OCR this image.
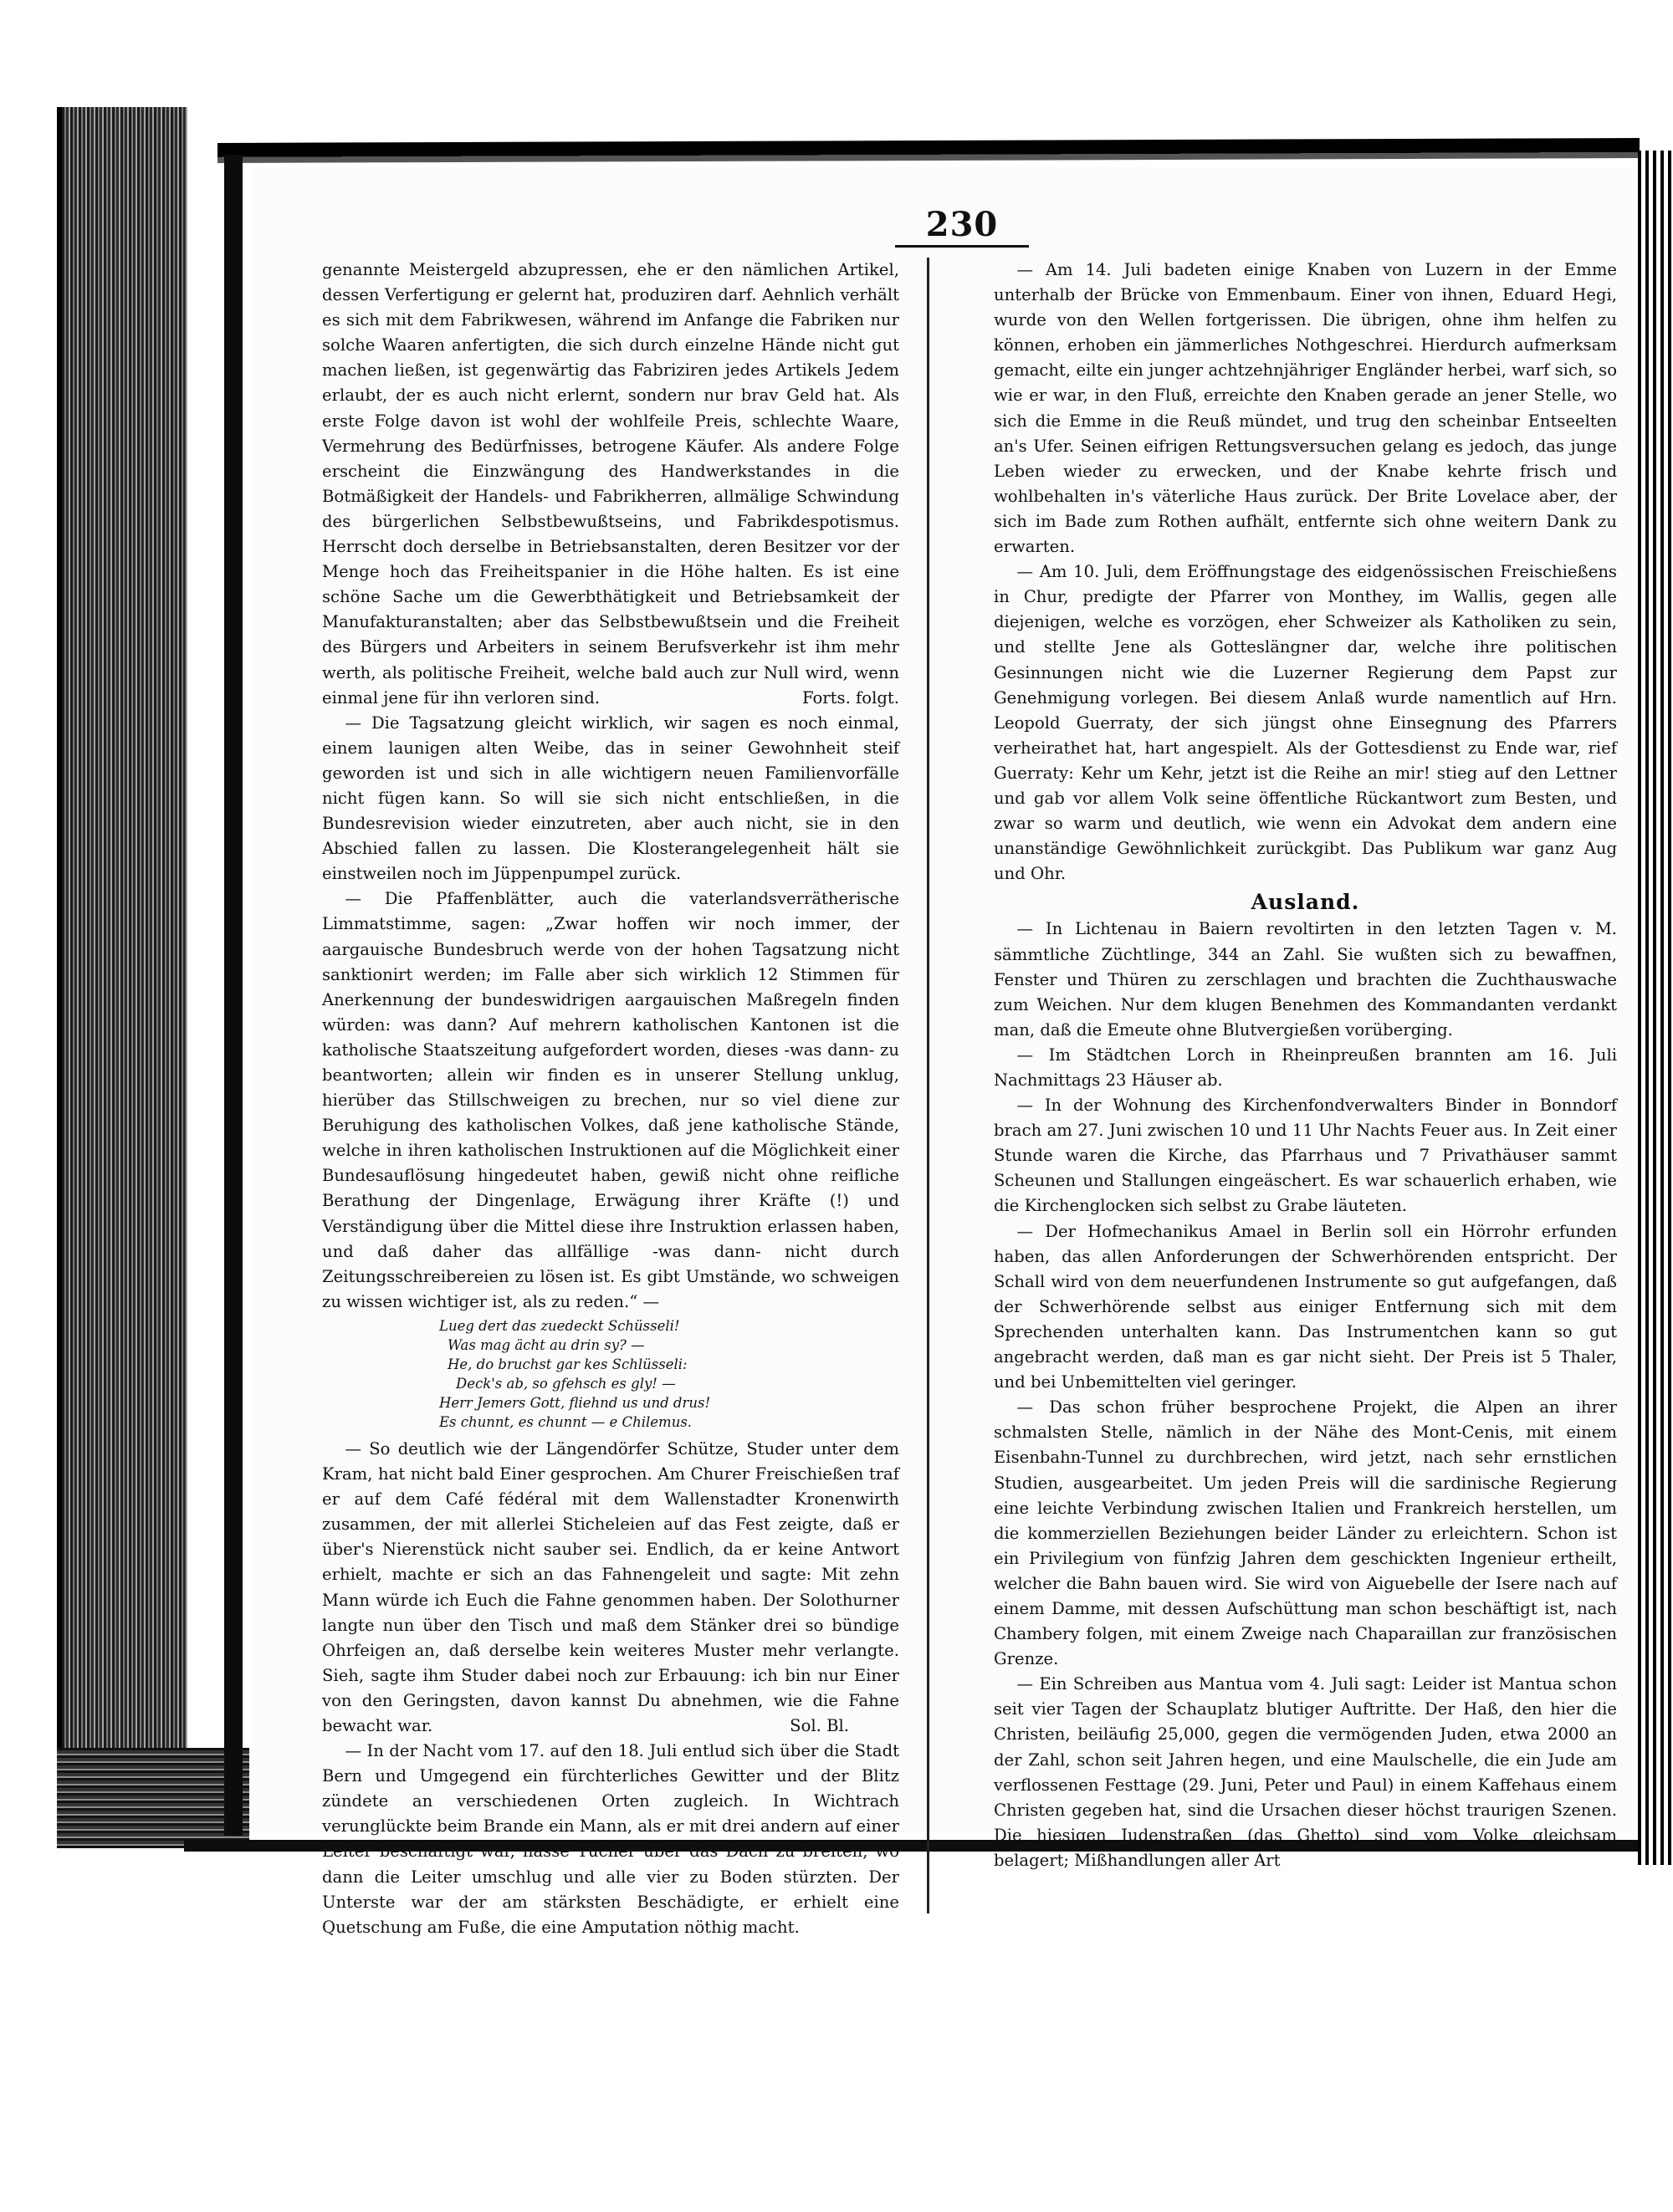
230

genannte Meistergeld abzupressen, ehe er den nämlichen Artikel, dessen Verfertigung er gelernt hat, produziren darf. Aehnlich verhält es sich mit dem Fabrikwesen, während im Anfange die Fabriken nur solche Waaren anfertigten, die sich durch einzelne Hände nicht gut machen ließen, ist gegenwärtig das Fabriziren jedes Artikels Jedem erlaubt, der es auch nicht erlernt, sondern nur brav Geld hat. Als erste Folge davon ist wohl der wohlfeile Preis, schlechte Waare, Vermehrung des Bedürfnisses, betrogene Käufer. Als andere Folge erscheint die Einzwängung des Handwerkstandes in die Botmäßigkeit der Handels- und Fabrikherren, allmälige Schwindung des bürgerlichen Selbstbewußtseins, und Fabrikdespotismus. Herrscht doch derselbe in Betriebsanstalten, deren Besitzer vor der Menge hoch das Freiheitspanier in die Höhe halten. Es ist eine schöne Sache um die Gewerbthätigkeit und Betriebsamkeit der Manufakturanstalten; aber das Selbstbewußtsein und die Freiheit des Bürgers und Arbeiters in seinem Berufsverkehr ist ihm mehr werth, als politische Freiheit, welche bald auch zur Null wird, wenn einmal jene für ihn verloren sind.	Forts. folgt.

— Die Tagsatzung gleicht wirklich, wir sagen es noch einmal, einem launigen alten Weibe, das in seiner Gewohnheit steif geworden ist und sich in alle wichtigern neuen Familienvorfälle nicht fügen kann. So will sie sich nicht entschließen, in die Bundesrevision wieder einzutreten, aber auch nicht, sie in den Abschied fallen zu lassen. Die Klosterangelegenheit hält sie einstweilen noch im Jüppenpumpel zurück.

— Die Pfaffenblätter, auch die vaterlandsverrätherische Limmatstimme, sagen: „Zwar hoffen wir noch immer, der aargauische Bundesbruch werde von der hohen Tagsatzung nicht sanktionirt werden; im Falle aber sich wirklich 12 Stimmen für Anerkennung der bundeswidrigen aargauischen Maßregeln finden würden: was dann? Auf mehrern katholischen Kantonen ist die katholische Staatszeitung aufgefordert worden, dieses -was dann- zu beantworten; allein wir finden es in unserer Stellung unklug, hierüber das Stillschweigen zu brechen, nur so viel diene zur Beruhigung des katholischen Volkes, daß jene katholische Stände, welche in ihren katholischen Instruktionen auf die Möglichkeit einer Bundesauflösung hingedeutet haben, gewiß nicht ohne reifliche Berathung der Dingenlage, Erwägung ihrer Kräfte (!) und Verständigung über die Mittel diese ihre Instruktion erlassen haben, und daß daher das allfällige -was dann- nicht durch Zeitungsschreibereien zu lösen ist. Es gibt Umstände, wo schweigen zu wissen wichtiger ist, als zu reden.“ —

Lueg dert das zuedeckt Schüsseli!
Was mag ächt au drin sy? —
He, do bruchst gar kes Schlüsseli:
Deck's ab, so gfehsch es gly! —
Herr Jemers Gott, fliehnd us und drus!
Es chunnt, es chunnt — e Chilemus.

— So deutlich wie der Längendörfer Schütze, Studer unter dem Kram, hat nicht bald Einer gesprochen. Am Churer Freischießen traf er auf dem Café fédéral mit dem Wallenstadter Kronenwirth zusammen, der mit allerlei Sticheleien auf das Fest zeigte, daß er über's Nierenstück nicht sauber sei. Endlich, da er keine Antwort erhielt, machte er sich an das Fahnengeleit und sagte: Mit zehn Mann würde ich Euch die Fahne genommen haben. Der Solothurner langte nun über den Tisch und maß dem Stänker drei so bündige Ohrfeigen an, daß derselbe kein weiteres Muster mehr verlangte. Sieh, sagte ihm Studer dabei noch zur Erbauung: ich bin nur Einer von den Geringsten, davon kannst Du abnehmen, wie die Fahne bewacht war.	Sol. Bl.

— In der Nacht vom 17. auf den 18. Juli entlud sich über die Stadt Bern und Umgegend ein fürchterliches Gewitter und der Blitz zündete an verschiedenen Orten zugleich. In Wichtrach verunglückte beim Brande ein Mann, als er mit drei andern auf einer Leiter beschäftigt war, nasse Tücher über das Dach zu breiten, wo dann die Leiter umschlug und alle vier zu Boden stürzten. Der Unterste war der am stärksten Beschädigte, er erhielt eine Quetschung am Fuße, die eine Amputation nöthig macht.

— Am 14. Juli badeten einige Knaben von Luzern in der Emme unterhalb der Brücke von Emmenbaum. Einer von ihnen, Eduard Hegi, wurde von den Wellen fortgerissen. Die übrigen, ohne ihm helfen zu können, erhoben ein jämmerliches Nothgeschrei. Hierdurch aufmerksam gemacht, eilte ein junger achtzehnjähriger Engländer herbei, warf sich, so wie er war, in den Fluß, erreichte den Knaben gerade an jener Stelle, wo sich die Emme in die Reuß mündet, und trug den scheinbar Entseelten an's Ufer. Seinen eifrigen Rettungsversuchen gelang es jedoch, das junge Leben wieder zu erwecken, und der Knabe kehrte frisch und wohlbehalten in's väterliche Haus zurück. Der Brite Lovelace aber, der sich im Bade zum Rothen aufhält, entfernte sich ohne weitern Dank zu erwarten.

— Am 10. Juli, dem Eröffnungstage des eidgenössischen Freischießens in Chur, predigte der Pfarrer von Monthey, im Wallis, gegen alle diejenigen, welche es vorzögen, eher Schweizer als Katholiken zu sein, und stellte Jene als Gotteslängner dar, welche ihre politischen Gesinnungen nicht wie die Luzerner Regierung dem Papst zur Genehmigung vorlegen. Bei diesem Anlaß wurde namentlich auf Hrn. Leopold Guerraty, der sich jüngst ohne Einsegnung des Pfarrers verheirathet hat, hart angespielt. Als der Gottesdienst zu Ende war, rief Guerraty: Kehr um Kehr, jetzt ist die Reihe an mir! stieg auf den Lettner und gab vor allem Volk seine öffentliche Rückantwort zum Besten, und zwar so warm und deutlich, wie wenn ein Advokat dem andern eine unanständige Gewöhnlichkeit zurückgibt. Das Publikum war ganz Aug und Ohr.

Ausland.

— In Lichtenau in Baiern revoltirten in den letzten Tagen v. M. sämmtliche Züchtlinge, 344 an Zahl. Sie wußten sich zu bewaffnen, Fenster und Thüren zu zerschlagen und brachten die Zuchthauswache zum Weichen. Nur dem klugen Benehmen des Kommandanten verdankt man, daß die Emeute ohne Blutvergießen vorüberging.

— Im Städtchen Lorch in Rheinpreußen brannten am 16. Juli Nachmittags 23 Häuser ab.

— In der Wohnung des Kirchenfondverwalters Binder in Bonndorf brach am 27. Juni zwischen 10 und 11 Uhr Nachts Feuer aus. In Zeit einer Stunde waren die Kirche, das Pfarrhaus und 7 Privathäuser sammt Scheunen und Stallungen eingeäschert. Es war schauerlich erhaben, wie die Kirchenglocken sich selbst zu Grabe läuteten.

— Der Hofmechanikus Amael in Berlin soll ein Hörrohr erfunden haben, das allen Anforderungen der Schwerhörenden entspricht. Der Schall wird von dem neuerfundenen Instrumente so gut aufgefangen, daß der Schwerhörende selbst aus einiger Entfernung sich mit dem Sprechenden unterhalten kann. Das Instrumentchen kann so gut angebracht werden, daß man es gar nicht sieht. Der Preis ist 5 Thaler, und bei Unbemittelten viel geringer.

— Das schon früher besprochene Projekt, die Alpen an ihrer schmalsten Stelle, nämlich in der Nähe des Mont-Cenis, mit einem Eisenbahn-Tunnel zu durchbrechen, wird jetzt, nach sehr ernstlichen Studien, ausgearbeitet. Um jeden Preis will die sardinische Regierung eine leichte Verbindung zwischen Italien und Frankreich herstellen, um die kommerziellen Beziehungen beider Länder zu erleichtern. Schon ist ein Privilegium von fünfzig Jahren dem geschickten Ingenieur ertheilt, welcher die Bahn bauen wird. Sie wird von Aiguebelle der Isere nach auf einem Damme, mit dessen Aufschüttung man schon beschäftigt ist, nach Chambery folgen, mit einem Zweige nach Chaparaillan zur französischen Grenze.

— Ein Schreiben aus Mantua vom 4. Juli sagt: Leider ist Mantua schon seit vier Tagen der Schauplatz blutiger Auftritte. Der Haß, den hier die Christen, beiläufig 25,000, gegen die vermögenden Juden, etwa 2000 an der Zahl, schon seit Jahren hegen, und eine Maulschelle, die ein Jude am verflossenen Festtage (29. Juni, Peter und Paul) in einem Kaffehaus einem Christen gegeben hat, sind die Ursachen dieser höchst traurigen Szenen. Die hiesigen Judenstraßen (das Ghetto) sind vom Volke gleichsam belagert; Mißhandlungen aller Art
